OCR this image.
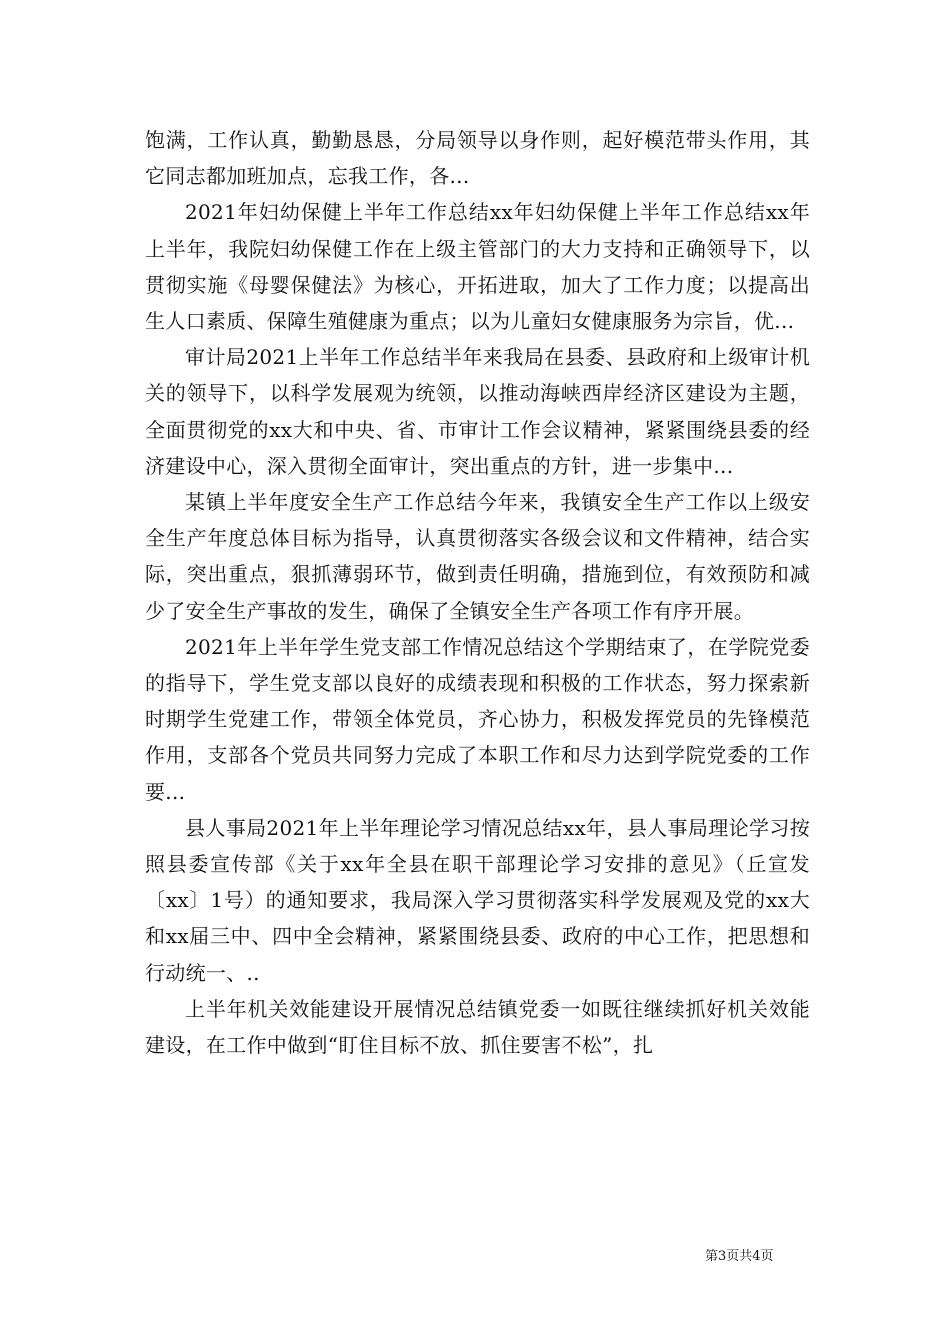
饱满，工作认真，勤勤恳恳，分局领导以身作则，起好模范带头作用，其它同志都加班加点，忘我工作，各...

2021年妇幼保健上半年工作总结xx年妇幼保健上半年工作总结xx年上半年，我院妇幼保健工作在上级主管部门的大力支持和正确领导下，以贯彻实施《母婴保健法》为核心，开拓进取，加大了工作力度；以提高出生人口素质、保障生殖健康为重点；以为儿童妇女健康服务为宗旨，优...

审计局2021上半年工作总结半年来我局在县委、县政府和上级审计机关的领导下，以科学发展观为统领，以推动海峡西岸经济区建设为主题，全面贯彻党的xx大和中央、省、市审计工作会议精神，紧紧围绕县委的经济建设中心，深入贯彻全面审计，突出重点的方针，进一步集中...

某镇上半年度安全生产工作总结今年来，我镇安全生产工作以上级安全生产年度总体目标为指导，认真贯彻落实各级会议和文件精神，结合实际，突出重点，狠抓薄弱环节，做到责任明确，措施到位，有效预防和减少了安全生产事故的发生，确保了全镇安全生产各项工作有序开展。

2021年上半年学生党支部工作情况总结这个学期结束了，在学院党委的指导下，学生党支部以良好的成绩表现和积极的工作状态，努力探索新时期学生党建工作，带领全体党员，齐心协力，积极发挥党员的先锋模范作用，支部各个党员共同努力完成了本职工作和尽力达到学院党委的工作要...

县人事局2021年上半年理论学习情况总结xx年，县人事局理论学习按照县委宣传部《关于xx年全县在职干部理论学习安排的意见》（丘宣发〔xx〕1号）的通知要求，我局深入学习贯彻落实科学发展观及党的xx大和xx届三中、四中全会精神，紧紧围绕县委、政府的中心工作，把思想和行动统一、..

上半年机关效能建设开展情况总结镇党委一如既往继续抓好机关效能建设，在工作中做到“盯住目标不放、抓住要害不松”，扎

第3页共4页
